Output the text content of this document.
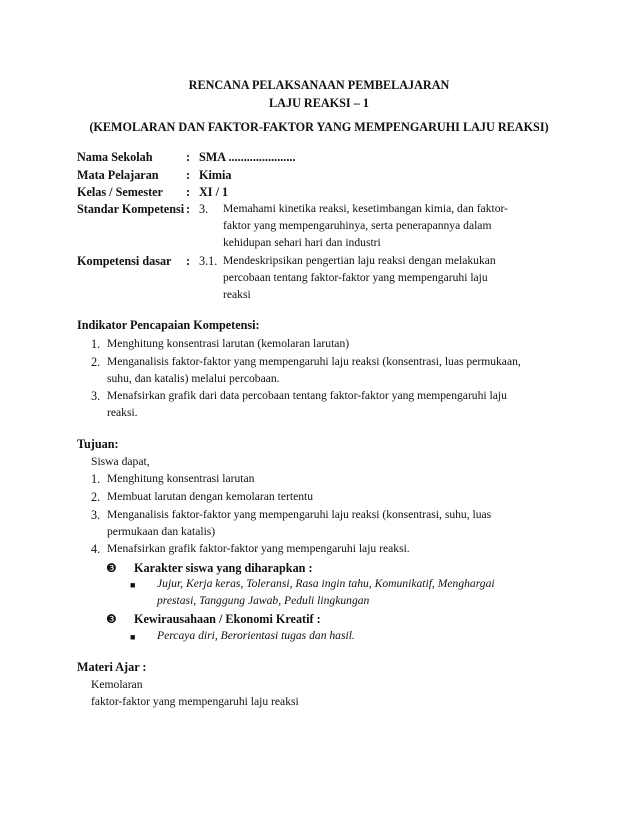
RENCANA PELAKSANAAN PEMBELAJARAN
LAJU REAKSI – 1
(KEMOLARAN DAN FAKTOR-FAKTOR YANG MEMPENGARUHI LAJU REAKSI)
Nama Sekolah	: SMA ......................
Mata Pelajaran : Kimia
Kelas / Semester : XI / 1
Standar Kompetensi : 3. Memahami kinetika reaksi, kesetimbangan kimia, dan faktor-
faktor yang mempengaruhinya, serta penerapannya dalam
kehidupan sehari hari dan industri
Kompetensi dasar : 3.1. Mendeskripsikan pengertian laju reaksi dengan melakukan
percobaan tentang faktor-faktor yang mempengaruhi laju
reaksi
Indikator Pencapaian Kompetensi:
1. Menghitung konsentrasi larutan (kemolaran larutan)
2. Menganalisis faktor-faktor yang mempengaruhi laju reaksi (konsentrasi, luas permukaan,
suhu, dan katalis) melalui percobaan.
3. Menafsirkan grafik dari data percobaan tentang faktor-faktor yang mempengaruhi laju
reaksi.
Tujuan:
Siswa dapat,
1. Menghitung konsentrasi larutan
2. Membuat larutan dengan kemolaran tertentu
3. Menganalisis faktor-faktor yang mempengaruhi laju reaksi (konsentrasi, suhu, luas
permukaan dan katalis)
4. Menafsirkan grafik faktor-faktor yang mempengaruhi laju reaksi.
❸ Karakter siswa yang diharapkan :
■ Jujur, Kerja keras, Toleransi, Rasa ingin tahu, Komunikatif, Menghargai
prestasi, Tanggung Jawab, Peduli lingkungan
❸ Kewirausahaan / Ekonomi Kreatif :
■ Percaya diri, Berorientasi tugas dan hasil.
Materi Ajar :
Kemolaran
faktor-faktor yang mempengaruhi laju reaksi
